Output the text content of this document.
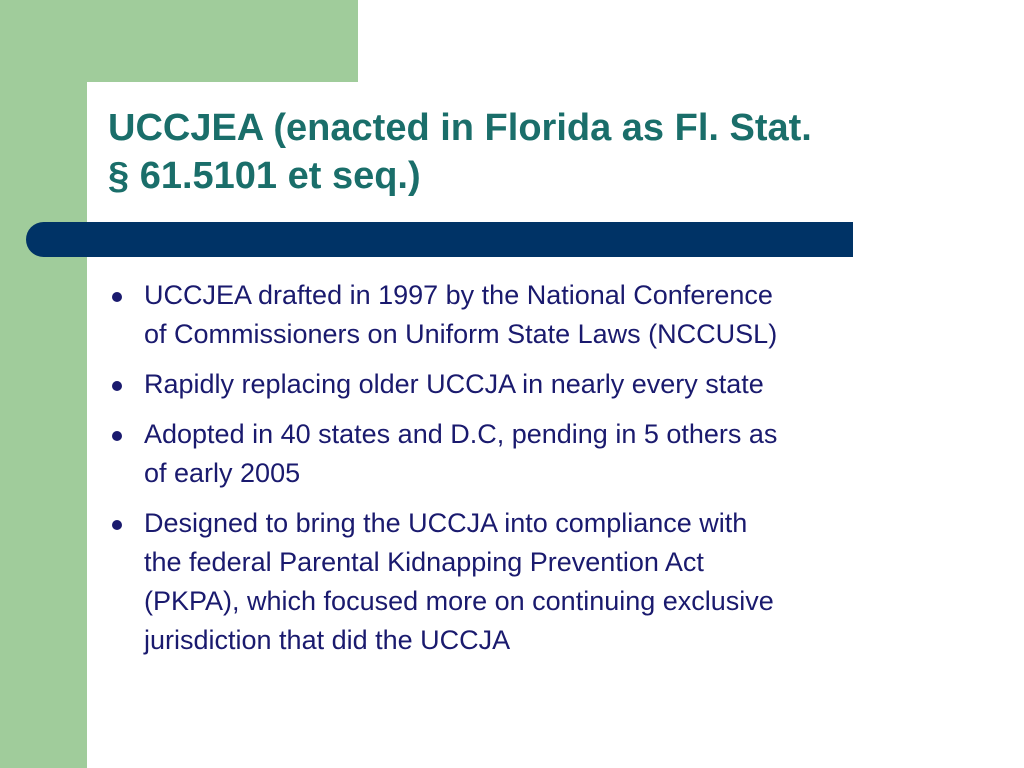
UCCJEA (enacted in Florida as Fl. Stat.
§ 61.5101 et seq.)
UCCJEA drafted in 1997 by the National Conference
of Commissioners on Uniform State Laws (NCCUSL)
Rapidly replacing older UCCJA in nearly every state
Adopted in 40 states and D.C, pending in 5 others as
of early 2005
Designed to bring the UCCJA into compliance with
the federal Parental Kidnapping Prevention Act
(PKPA), which focused more on continuing exclusive
jurisdiction that did the UCCJA
